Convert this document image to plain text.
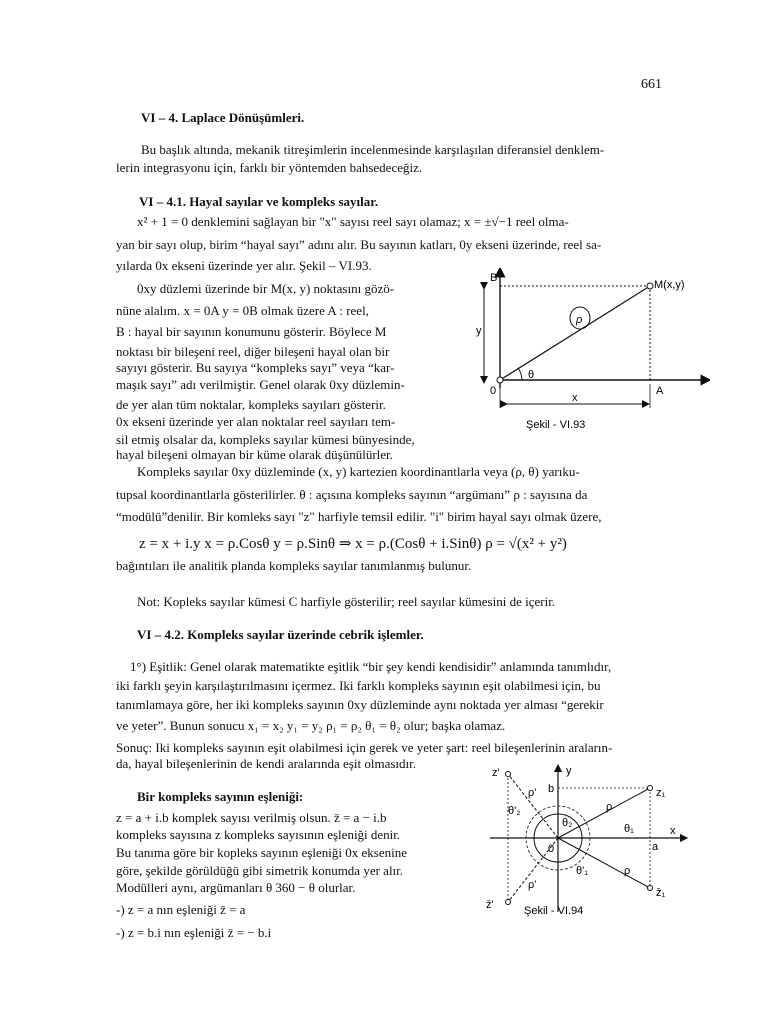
661
VI – 4. Laplace Dönüşümleri.
Bu başlık altında, mekanik titreşimlerin incelenmesinde karşılaşılan diferansiel denklem-
lerin integrasyonu için, farklı bir yöntemden bahsedeceğiz.
VI – 4.1. Hayal sayılar ve kompleks sayılar.
x² + 1 = 0 denklemini sağlayan bir "x" sayısı reel sayı olamaz; x = ±√−1 reel olma-
yan bir sayı olup, birim “hayal sayı” adını alır. Bu sayının katları, 0y ekseni üzerinde, reel sa-
yılarda 0x ekseni üzerinde yer alır. Şekil – VI.93.
0xy düzlemi üzerinde bir M(x, y) noktasını gözö-
nüne alalım. x = 0A y = 0B olmak üzere A : reel,
B : hayal bir sayının konumunu gösterir. Böylece M
noktası bir bileşeni reel, diğer bileşeni hayal olan bir
sayıyı gösterir. Bu sayıya “kompleks sayı” veya “kar-
maşık sayı” adı verilmiştir. Genel olarak 0xy düzlemin-
de yer alan tüm noktalar, kompleks sayıları gösterir.
0x ekseni üzerinde yer alan noktalar reel sayıları tem-
sil etmiş olsalar da, kompleks sayılar kümesi bünyesinde,
hayal bileşeni olmayan bir küme olarak düşünülürler.
Kompleks sayılar 0xy düzleminde (x, y) kartezien koordinantlarla veya (ρ, θ) yarıku-
tupsal koordinantlarla gösterilirler. θ : açısına kompleks sayının “argümanı” ρ : sayısına da
“modülü”denilir. Bir komleks sayı "z" harfiyle temsil edilir. "i" birim hayal sayı olmak üzere,
z = x + i.y x = ρ.Cosθ y = ρ.Sinθ ⇒ x = ρ.(Cosθ + i.Sinθ) ρ = √(x² + y²)
bağıntıları ile analitik planda kompleks sayılar tanımlanmış bulunur.
Not: Kopleks sayılar kümesi C harfiyle gösterilir; reel sayılar kümesini de içerir.
VI – 4.2. Kompleks sayılar üzerinde cebrik işlemler.
1°) Eşitlik: Genel olarak matematikte eşitlik “bir şey kendi kendisidir” anlamında tanımlıdır,
iki farklı şeyin karşılaştırılmasını içermez. Iki farklı kompleks sayının eşit olabilmesi için, bu
tanımlamaya göre, her iki kompleks sayının 0xy düzleminde aynı noktada yer alması “gerekir
ve yeter”. Bunun sonucu x₁ = x₂ y₁ = y₂ ρ₁ = ρ₂ θ₁ = θ₂ olur; başka olamaz.
Sonuç: Iki kompleks sayının eşit olabilmesi için gerek ve yeter şart: reel bileşenlerinin araların-
da, hayal bileşenlerinin de kendi aralarında eşit olmasıdır.
Bir kompleks sayının eşleniği:
z = a + i.b komplek sayısı verilmiş olsun. z̄ = a − i.b
kompleks sayısına z kompleks sayısının eşleniği denir.
Bu tanıma göre bir kopleks sayının eşleniği 0x eksenine
göre, şekilde görüldüğü gibi simetrik konumda yer alır.
Modülleri aynı, argümanları θ 360 − θ olurlar.
-) z = a nın eşleniği z̄ = a
-) z = b.i nın eşleniği z̄ = − b.i
B
M(x,y)
y
ρ
θ
0	A
x
Şekil - VI.93
z'
z̄'
y
b	z₁
z̄₁
x
a
0
ρ
ρ'
ρ'
ρ
θ₁
θ₂
θ'₂
θ'₁
Şekil - VI.94
